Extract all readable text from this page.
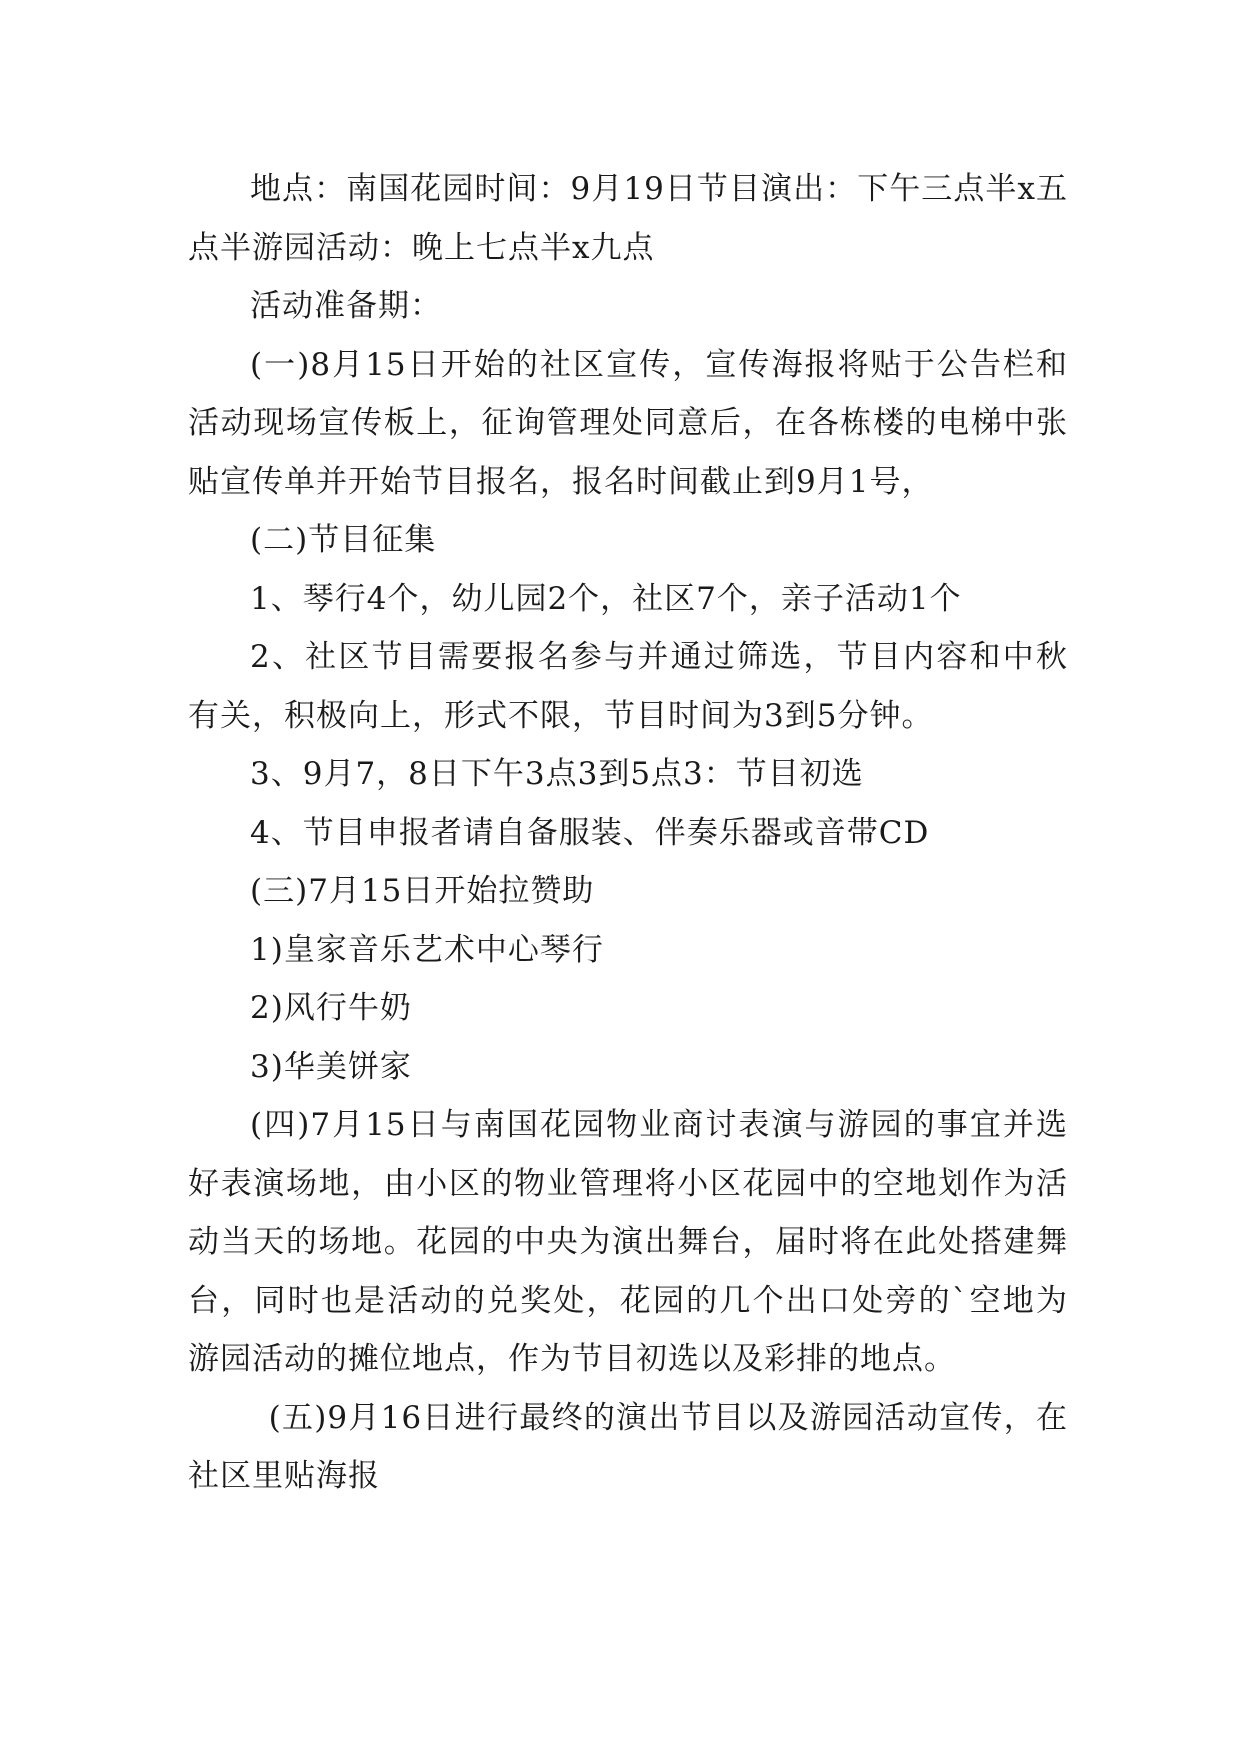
地点：南国花园时间：9月19日节目演出：下午三点半x五点半游园活动：晚上七点半x九点

活动准备期：

(一)8月15日开始的社区宣传，宣传海报将贴于公告栏和活动现场宣传板上，征询管理处同意后，在各栋楼的电梯中张贴宣传单并开始节目报名，报名时间截止到9月1号，

(二)节目征集

1、琴行4个，幼儿园2个，社区7个，亲子活动1个

2、社区节目需要报名参与并通过筛选，节目内容和中秋有关，积极向上，形式不限，节目时间为3到5分钟。

3、9月7，8日下午3点3到5点3：节目初选

4、节目申报者请自备服装、伴奏乐器或音带CD

(三)7月15日开始拉赞助

1)皇家音乐艺术中心琴行

2)风行牛奶

3)华美饼家

(四)7月15日与南国花园物业商讨表演与游园的事宜并选好表演场地，由小区的物业管理将小区花园中的空地划作为活动当天的场地。花园的中央为演出舞台，届时将在此处搭建舞台，同时也是活动的兑奖处，花园的几个出口处旁的`空地为游园活动的摊位地点，作为节目初选以及彩排的地点。

(五)9月16日进行最终的演出节目以及游园活动宣传，在社区里贴海报
